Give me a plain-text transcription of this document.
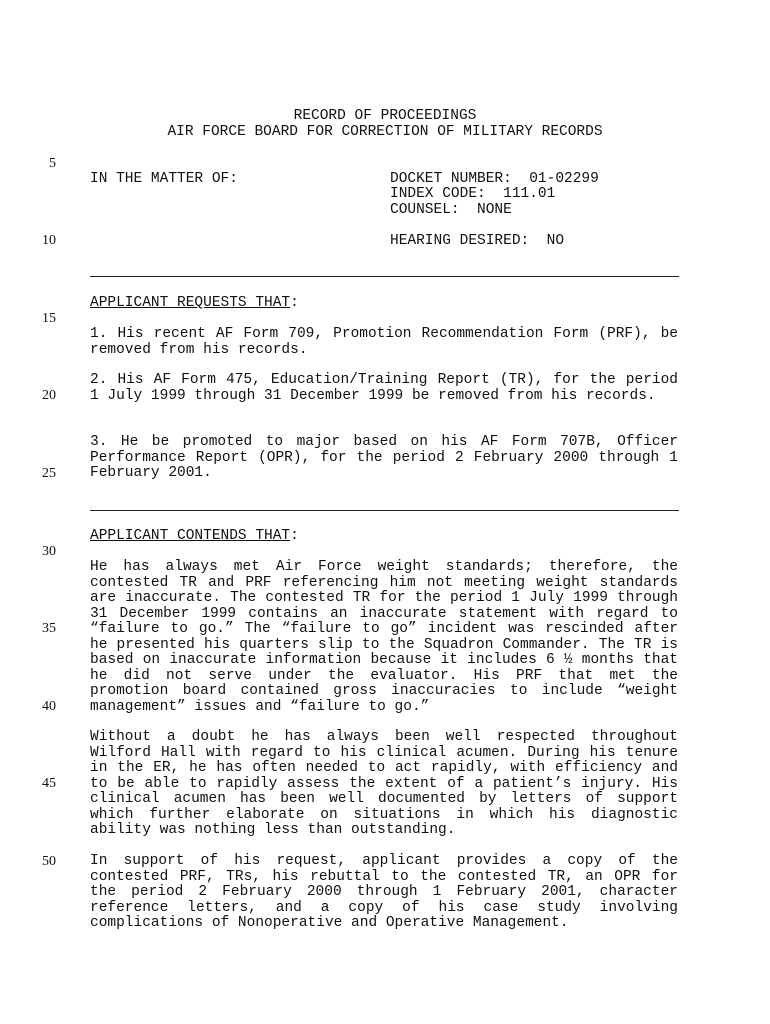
RECORD OF PROCEEDINGS
AIR FORCE BOARD FOR CORRECTION OF MILITARY RECORDS
5
10
15
20
25
30
35
40
45
50
IN THE MATTER OF:	DOCKET NUMBER:  01-02299
INDEX CODE:  111.01
COUNSEL:  NONE
HEARING DESIRED:  NO
APPLICANT REQUESTS THAT:

1. His recent AF Form 709, Promotion Recommendation Form (PRF), be removed from his records.

2. His AF Form 475, Education/Training Report (TR), for the period 1 July 1999 through 31 December 1999 be removed from his records.

3. He be promoted to major based on his AF Form 707B, Officer Performance Report (OPR), for the period 2 February 2000 through 1 February 2001.

APPLICANT CONTENDS THAT:

He has always met Air Force weight standards; therefore, the contested TR and PRF referencing him not meeting weight standards are inaccurate. The contested TR for the period 1 July 1999 through 31 December 1999 contains an inaccurate statement with regard to “failure to go.” The “failure to go” incident was rescinded after he presented his quarters slip to the Squadron Commander. The TR is based on inaccurate information because it includes 6 ½ months that he did not serve under the evaluator. His PRF that met the promotion board contained gross inaccuracies to include “weight management” issues and “failure to go.”

Without a doubt he has always been well respected throughout Wilford Hall with regard to his clinical acumen. During his tenure in the ER, he has often needed to act rapidly, with efficiency and to be able to rapidly assess the extent of a patient’s injury. His clinical acumen has been well documented by letters of support which further elaborate on situations in which his diagnostic ability was nothing less than outstanding.

In support of his request, applicant provides a copy of the contested PRF, TRs, his rebuttal to the contested TR, an OPR for the period 2 February 2000 through 1 February 2001, character reference letters, and a copy of his case study involving complications of Nonoperative and Operative Management.
